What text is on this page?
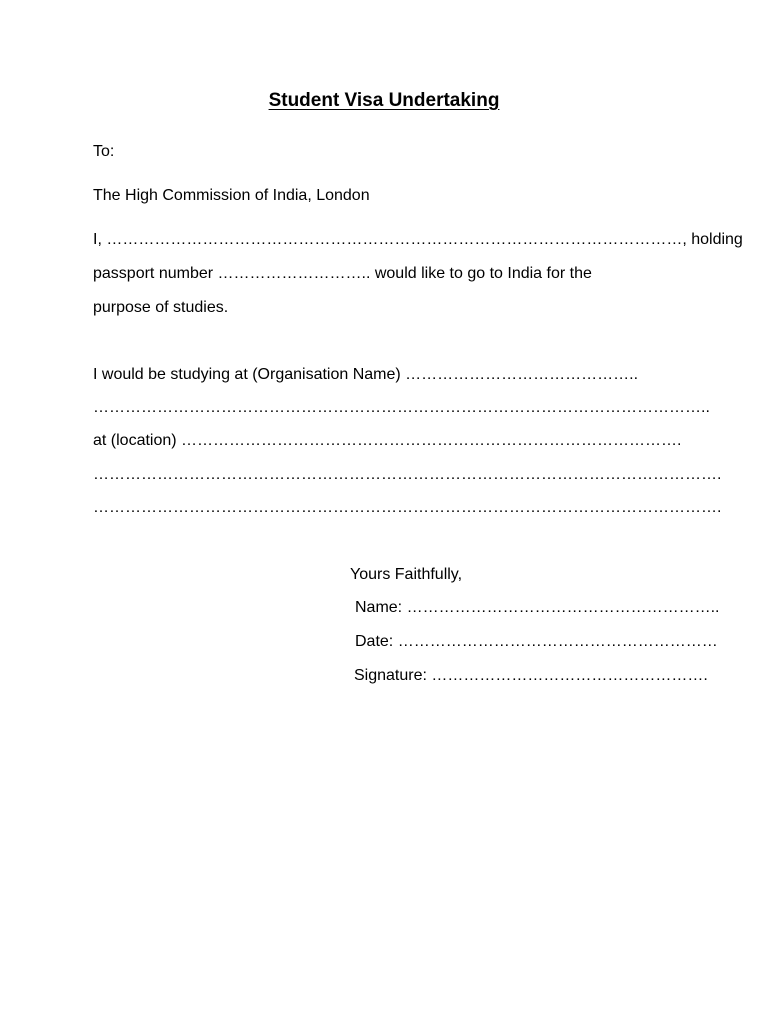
Student Visa Undertaking
To:
The High Commission of India, London
I, ………………………………………………………………………………………………, holding
passport number ……………………….. would like to go to India for the
purpose of studies.
I would be studying at (Organisation Name) ……………………………………..
……………………………………………………………………………………………………..
at (location) ………………………………………………………………………………….
……………………………………………………………………………………………………….
……………………………………………………………………………………………………….
Yours Faithfully,
Name: …………………………………………………..
Date: ……………………………………………………
Signature: …………………………………………….
